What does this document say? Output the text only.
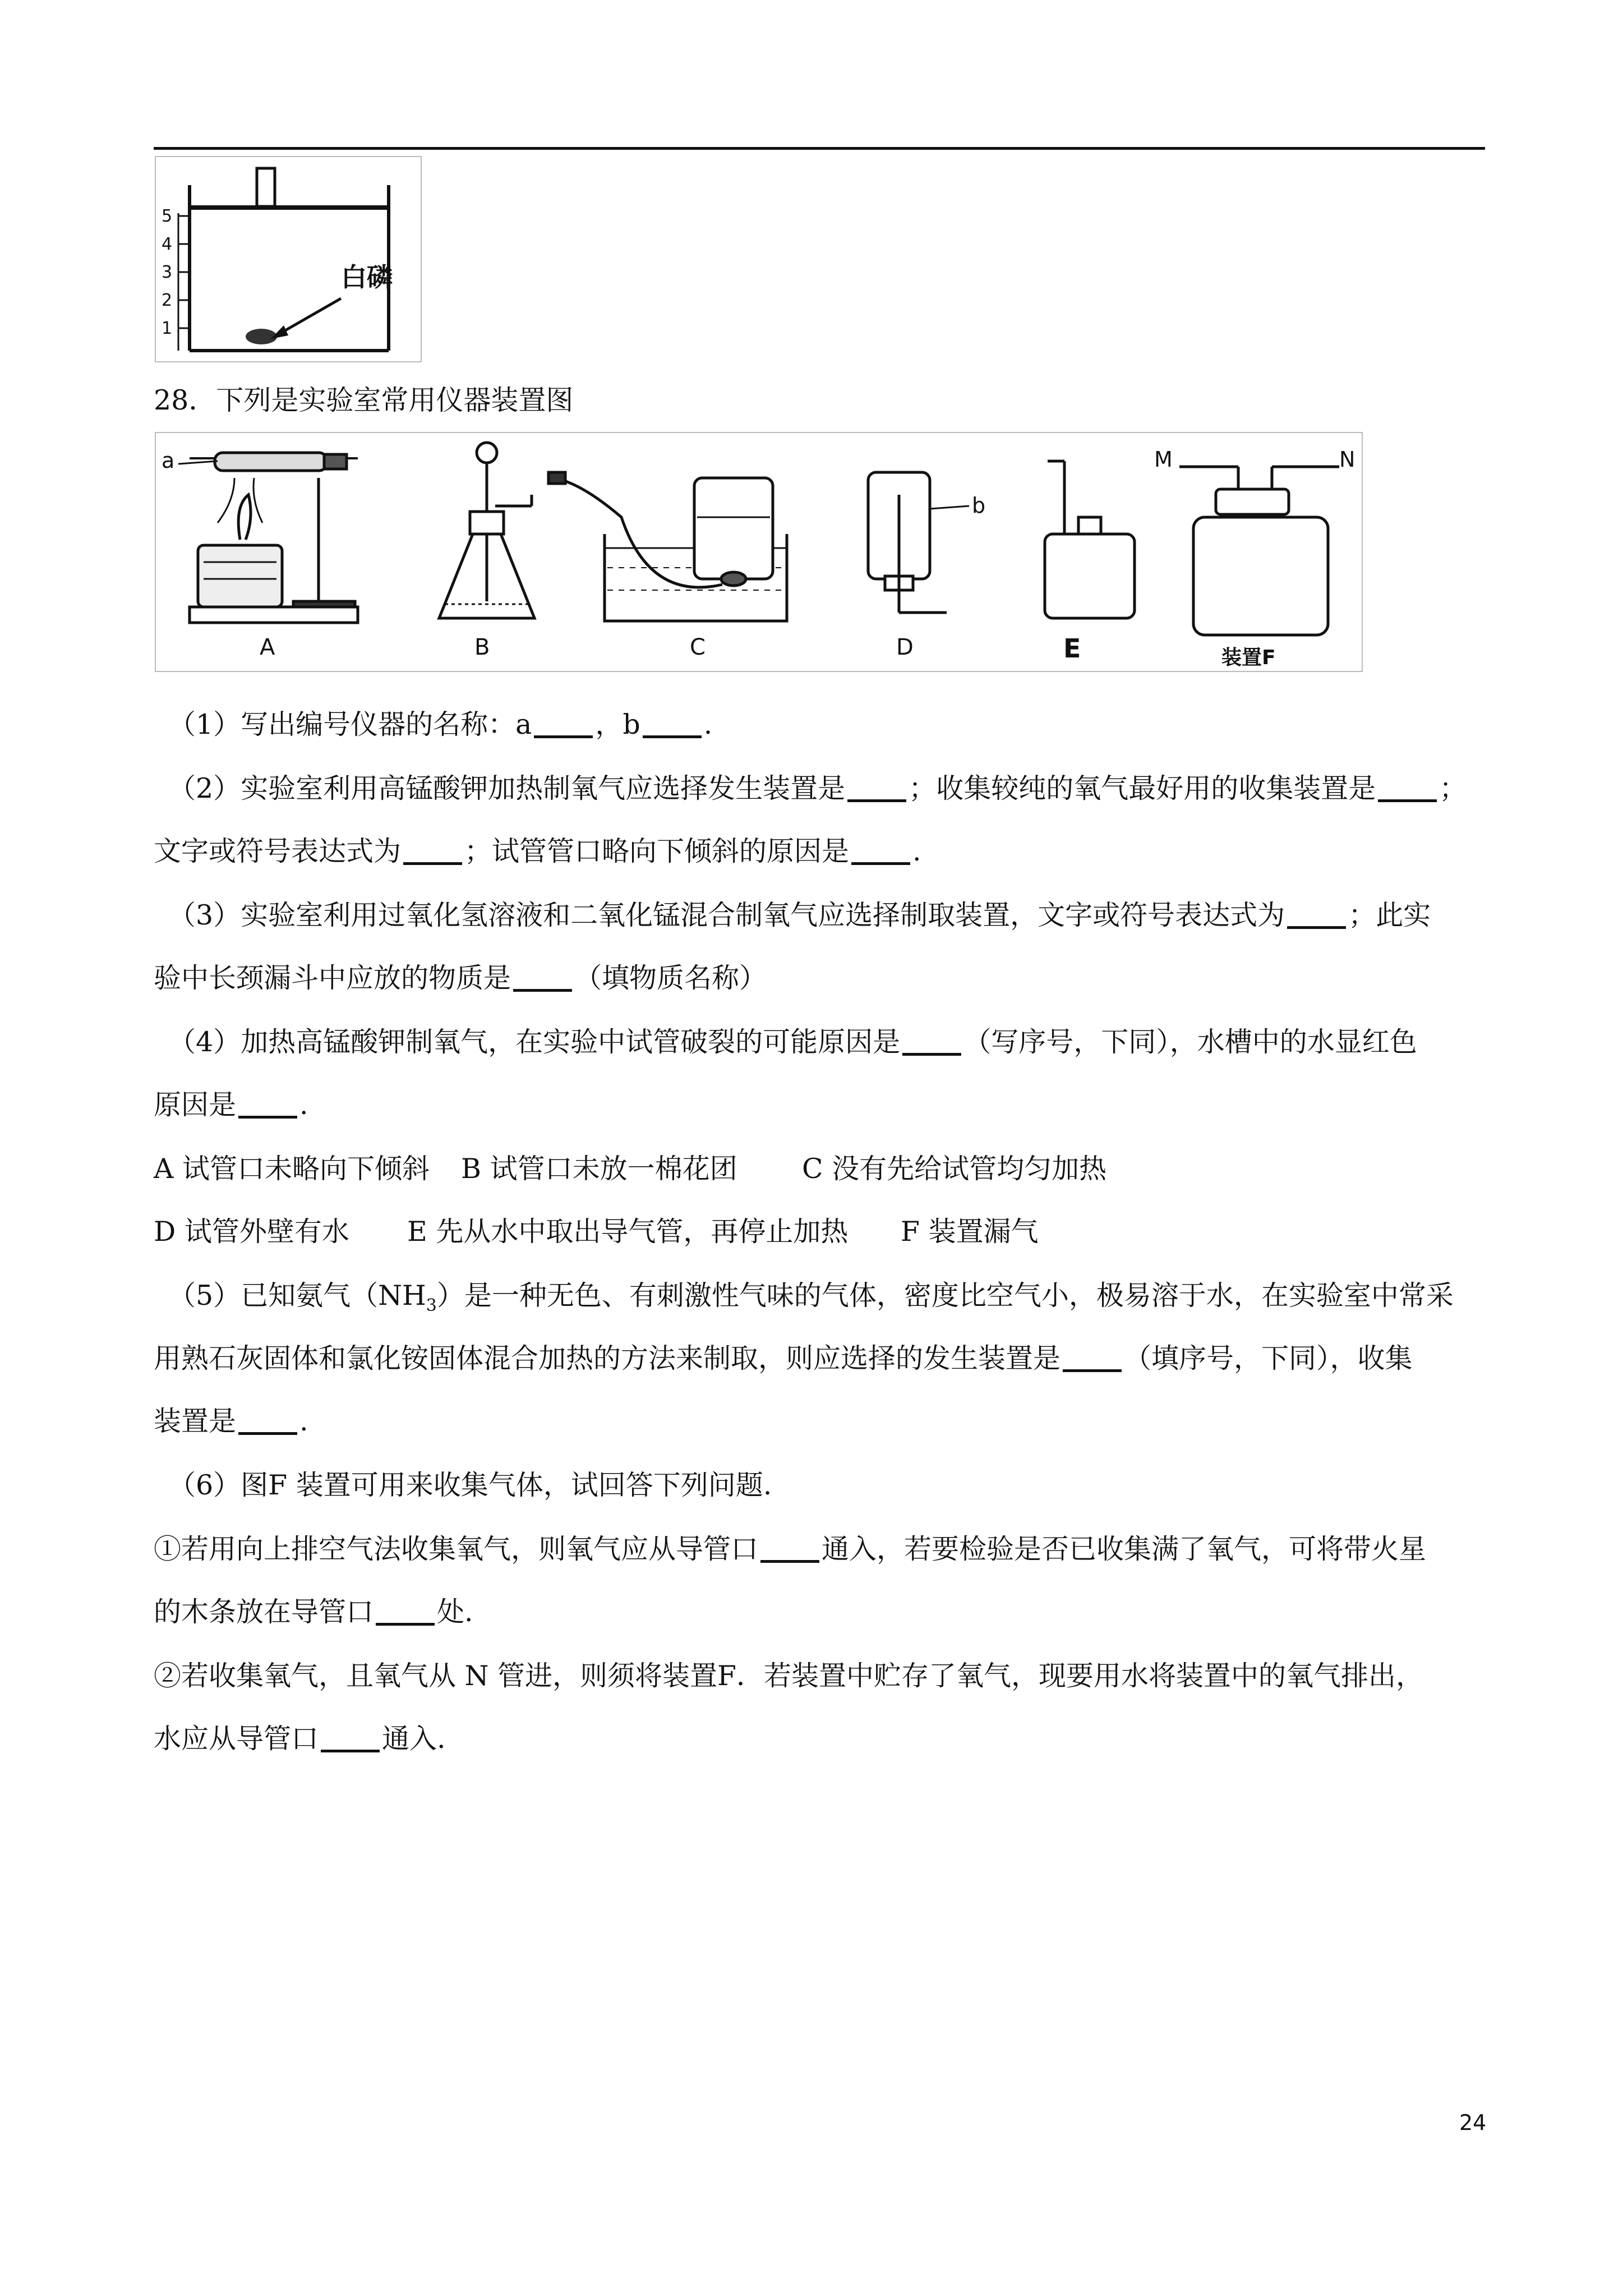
5
4
3
2
1
白磷
28．下列是实验室常用仪器装置图
a
A	B	C
b
D	E
M	N
装置F
（1）写出编号仪器的名称：a ，b .
（2）实验室利用高锰酸钾加热制氧气应选择发生装置是 ；收集较纯的氧气最好用的收集装置是 ；
文字或符号表达式为 ；试管管口略向下倾斜的原因是 .
（3）实验室利用过氧化氢溶液和二氧化锰混合制氧气应选择制取装置，文字或符号表达式为 ；此实
验中长颈漏斗中应放的物质是 （填物质名称）
（4）加热高锰酸钾制氧气，在实验中试管破裂的可能原因是 （写序号，下同），水槽中的水显红色
原因是 .
A 试管口未略向下倾斜 B 试管口未放一棉花团 C 没有先给试管均匀加热
D 试管外壁有水 E 先从水中取出导气管，再停止加热 F 装置漏气
（5）已知氨气$(NH_3)$是一种无色、有刺激性气味的气体，密度比空气小，极易溶于水，在实验室中常采
用熟石灰固体和氯化铵固体混合加热的方法来制取，则应选择的发生装置是 （填序号，下同），收集
装置是 .
（6）图F 装置可用来收集气体，试回答下列问题.
①若用向上排空气法收集氧气，则氧气应从导管口 通入，若要检验是否已收集满了氧气，可将带火星
的木条放在导管口 处.
②若收集氧气，且氧气从 N 管进，则须将装置F．若装置中贮存了氧气，现要用水将装置中的氧气排出，
水应从导管口 通入.
24
